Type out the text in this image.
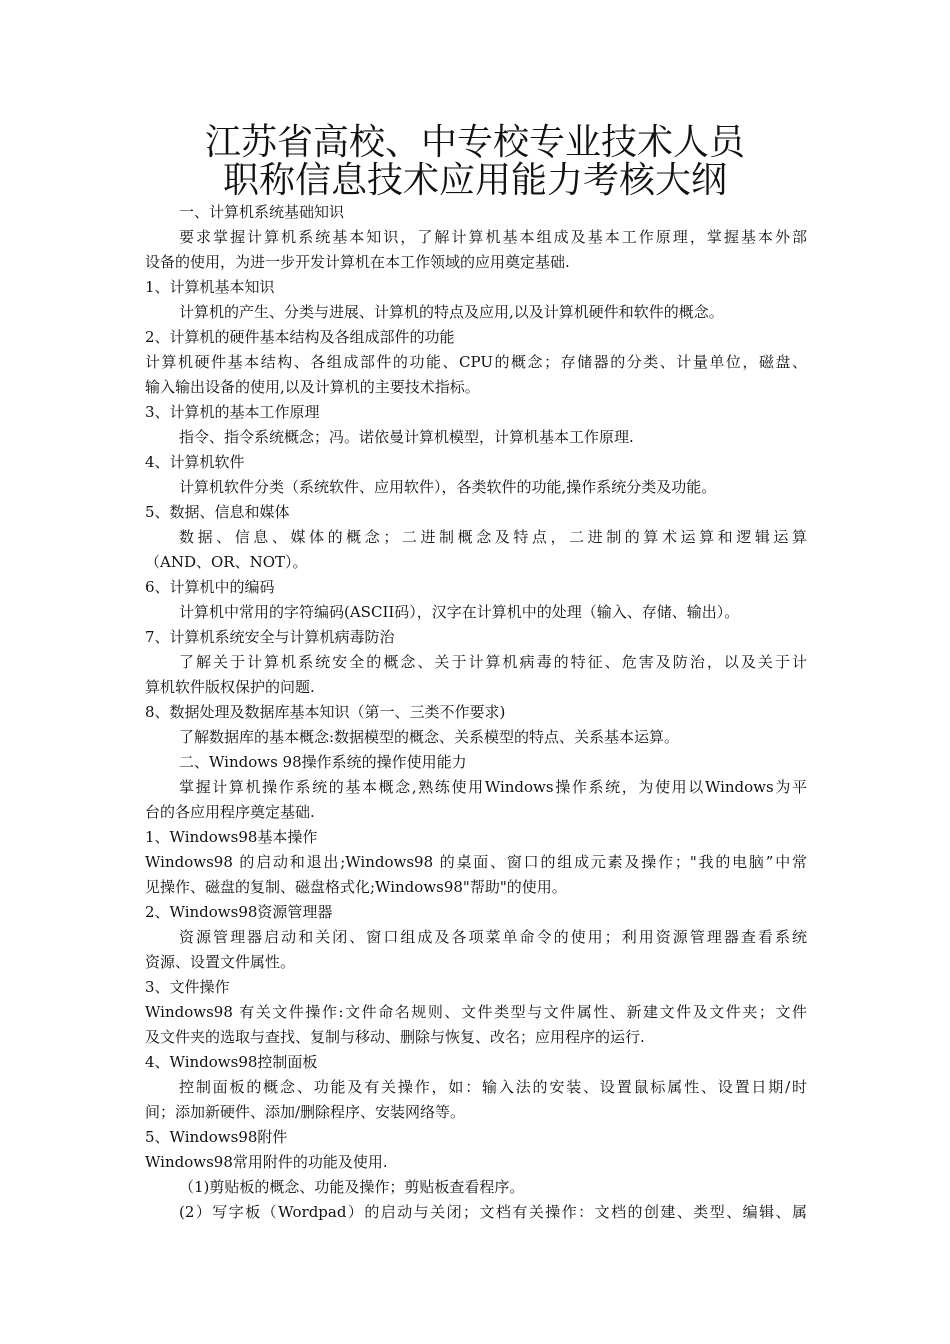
江苏省高校、中专校专业技术人员
职称信息技术应用能力考核大纲
一、计算机系统基础知识
要求掌握计算机系统基本知识，了解计算机基本组成及基本工作原理，掌握基本外部
设备的使用，为进一步开发计算机在本工作领域的应用奠定基础.
1、计算机基本知识
计算机的产生、分类与进展、计算机的特点及应用,以及计算机硬件和软件的概念。
2、计算机的硬件基本结构及各组成部件的功能
计算机硬件基本结构、各组成部件的功能、CPU的概念；存储器的分类、计量单位，磁盘、
输入输出设备的使用,以及计算机的主要技术指标。
3、计算机的基本工作原理
指令、指令系统概念；冯。诺依曼计算机模型，计算机基本工作原理.
4、计算机软件
计算机软件分类（系统软件、应用软件），各类软件的功能,操作系统分类及功能。
5、数据、信息和媒体
数据、信息、媒体的概念；二进制概念及特点，二进制的算术运算和逻辑运算
（AND、OR、NOT）。
6、计算机中的编码
计算机中常用的字符编码(ASCII码），汉字在计算机中的处理（输入、存储、输出）。
7、计算机系统安全与计算机病毒防治
了解关于计算机系统安全的概念、关于计算机病毒的特征、危害及防治，以及关于计
算机软件版权保护的问题.
8、数据处理及数据库基本知识（第一、三类不作要求)
了解数据库的基本概念:数据模型的概念、关系模型的特点、关系基本运算。
二、Windows 98操作系统的操作使用能力
掌握计算机操作系统的基本概念,熟练使用Windows操作系统，为使用以Windows为平
台的各应用程序奠定基础.
1、Windows98基本操作
Windows98 的启动和退出;Windows98 的桌面、窗口的组成元素及操作；"我的电脑”中常
见操作、磁盘的复制、磁盘格式化;Windows98"帮助"的使用。
2、Windows98资源管理器
资源管理器启动和关闭、窗口组成及各项菜单命令的使用；利用资源管理器查看系统
资源、设置文件属性。
3、文件操作
Windows98 有关文件操作:文件命名规则、文件类型与文件属性、新建文件及文件夹；文件
及文件夹的选取与查找、复制与移动、删除与恢复、改名；应用程序的运行.
4、Windows98控制面板
控制面板的概念、功能及有关操作，如：输入法的安装、设置鼠标属性、设置日期/时
间；添加新硬件、添加/删除程序、安装网络等。
5、Windows98附件
Windows98常用附件的功能及使用.
（1)剪贴板的概念、功能及操作；剪贴板查看程序。
(2）写字板（Wordpad）的启动与关闭；文档有关操作：文档的创建、类型、编辑、属
